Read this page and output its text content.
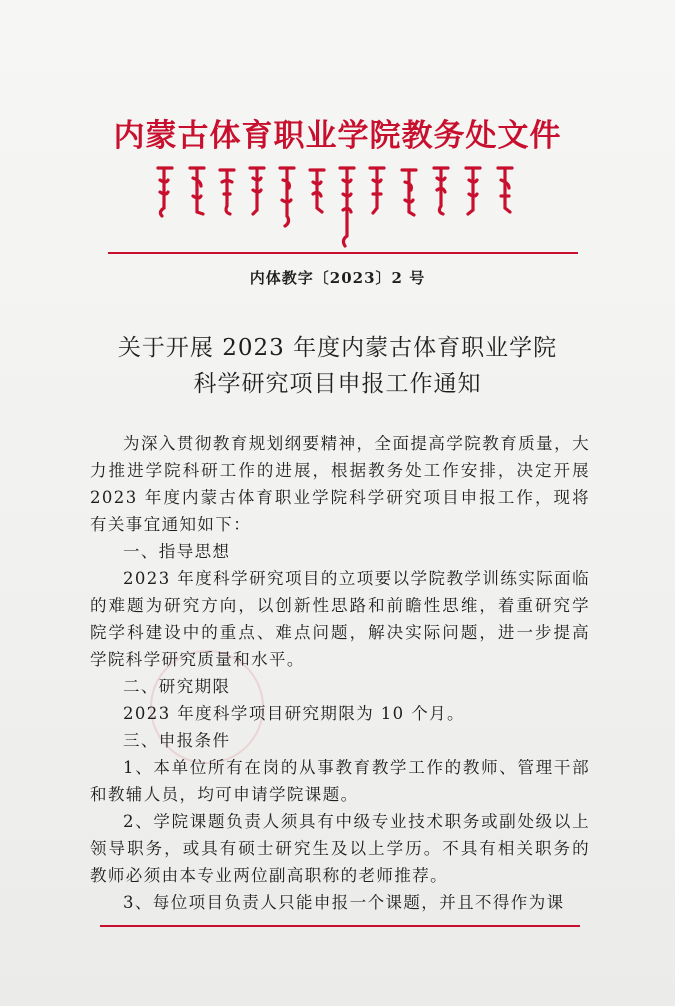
内蒙古体育职业学院教务处文件
内体教字〔2023〕2 号
关于开展 2023 年度内蒙古体育职业学院
科学研究项目申报工作通知

为深入贯彻教育规划纲要精神，全面提高学院教育质量，大力推进学院科研工作的进展，根据教务处工作安排，决定开展 2023 年度内蒙古体育职业学院科学研究项目申报工作，现将有关事宜通知如下：

一、指导思想

2023 年度科学研究项目的立项要以学院教学训练实际面临的难题为研究方向，以创新性思路和前瞻性思维，着重研究学院学科建设中的重点、难点问题，解决实际问题，进一步提高学院科学研究质量和水平。

二、研究期限

2023 年度科学项目研究期限为 10 个月。

三、申报条件

1、本单位所有在岗的从事教育教学工作的教师、管理干部和教辅人员，均可申请学院课题。

2、学院课题负责人须具有中级专业技术职务或副处级以上领导职务，或具有硕士研究生及以上学历。不具有相关职务的教师必须由本专业两位副高职称的老师推荐。

3、每位项目负责人只能申报一个课题，并且不得作为课
